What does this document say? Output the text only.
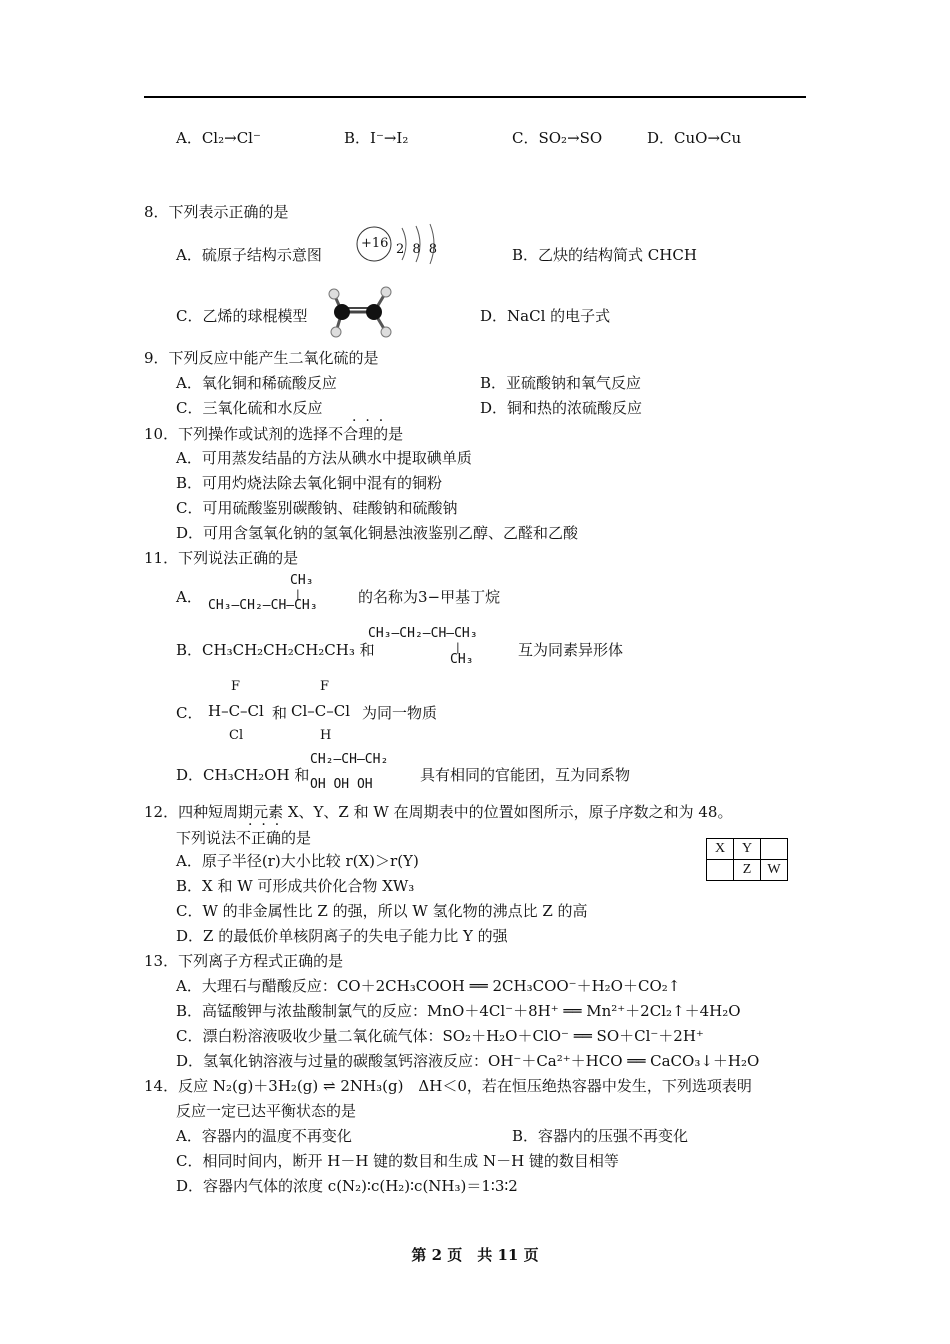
A．Cl₂→Cl⁻	B．I⁻→I₂	C．SO₂→SO	D．CuO→Cu
8．下列表示正确的是
A．硫原子结构示意图
+16 2 8 8	B．乙炔的结构简式 CHCH
C．乙烯的球棍模型	D．NaCl 的电子式
9．下列反应中能产生二氧化硫的是
A．氧化铜和稀硫酸反应	B．亚硫酸钠和氧气反应
C．三氧化硫和水反应	D．铜和热的浓硫酸反应
·  ·  ·
10．下列操作或试剂的选择不合理的是
A．可用蒸发结晶的方法从碘水中提取碘单质
B．可用灼烧法除去氧化铜中混有的铜粉
C．可用硫酸鉴别碳酸钠、硅酸钠和硫酸钠
D．可用含氢氧化钠的氢氧化铜悬浊液鉴别乙醇、乙醛和乙酸
11．下列说法正确的是
A．
CH₃
|
CH₃–CH₂–CH–CH₃	的名称为3−甲基丁烷
B．CH₃CH₂CH₂CH₂CH₃ 和
CH₃–CH₂–CH–CH₃
|
CH₃
互为同素异形体
C．
F
H–C–Cl
Cl
和
F
Cl–C–Cl
H
为同一物质
D．CH₃CH₂OH 和
CH₂–CH–CH₂
OH OH OH
具有相同的官能团，互为同系物
12．四种短周期元素 X、Y、Z 和 W 在周期表中的位置如图所示，原子序数之和为 48。
下列说法不正确的是
·  ·  ·
X	Y	
	Z	W
A．原子半径(r)大小比较 r(X)＞r(Y)
B．X 和 W 可形成共价化合物 XW₃
C．W 的非金属性比 Z 的强，所以 W 氢化物的沸点比 Z 的高
D．Z 的最低价单核阴离子的失电子能力比 Y 的强
13．下列离子方程式正确的是
A．大理石与醋酸反应：CO＋2CH₃COOH ══ 2CH₃COO⁻＋H₂O＋CO₂↑
B．高锰酸钾与浓盐酸制氯气的反应：MnO＋4Cl⁻＋8H⁺ ══ Mn²⁺＋2Cl₂↑＋4H₂O
C．漂白粉溶液吸收少量二氧化硫气体：SO₂＋H₂O＋ClO⁻ ══ SO＋Cl⁻＋2H⁺
D．氢氧化钠溶液与过量的碳酸氢钙溶液反应：OH⁻＋Ca²⁺＋HCO ══ CaCO₃↓＋H₂O
14．反应 N₂(g)＋3H₂(g) ⇌ 2NH₃(g)　ΔH＜0，若在恒压绝热容器中发生，下列选项表明
反应一定已达平衡状态的是
A．容器内的温度不再变化	B．容器内的压强不再变化
C．相同时间内，断开 H－H 键的数目和生成 N－H 键的数目相等
D．容器内气体的浓度 c(N₂)∶c(H₂)∶c(NH₃)＝1∶3∶2
第 2 页　共 11 页
